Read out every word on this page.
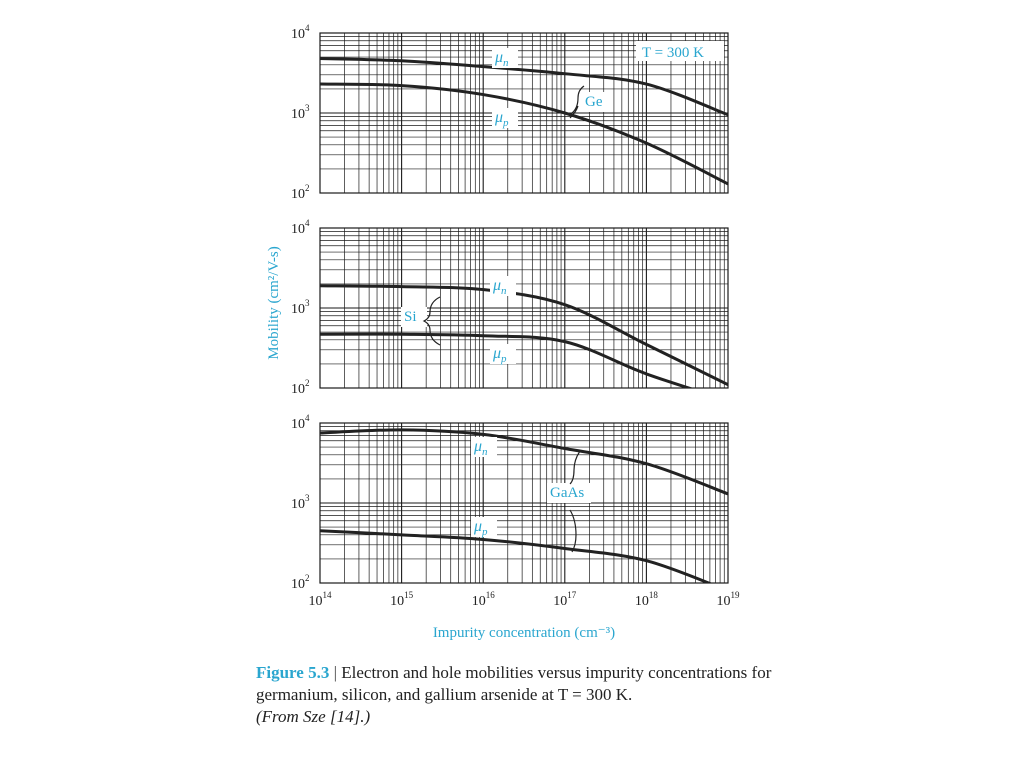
$10^4$
$10^3$
$10^2$
$\mu_n$
$\mu_p$
Ge
T = 300 K
$10^4$
$10^3$
$10^2$
$\mu_n$
$\mu_p$
Si
$10^4$
$10^3$
$10^2$
$\mu_n$
$\mu_p$
GaAs
$10^{14}$	$10^{15}$	$10^{16}$	$10^{17}$	$10^{18}$	$10^{19}$
Mobility (cm²/V-s)
Impurity concentration (cm⁻³)
Figure 5.3 | Electron and hole mobilities versus impurity concentrations for germanium, silicon, and gallium arsenide at T = 300 K.
(From Sze [14].)
